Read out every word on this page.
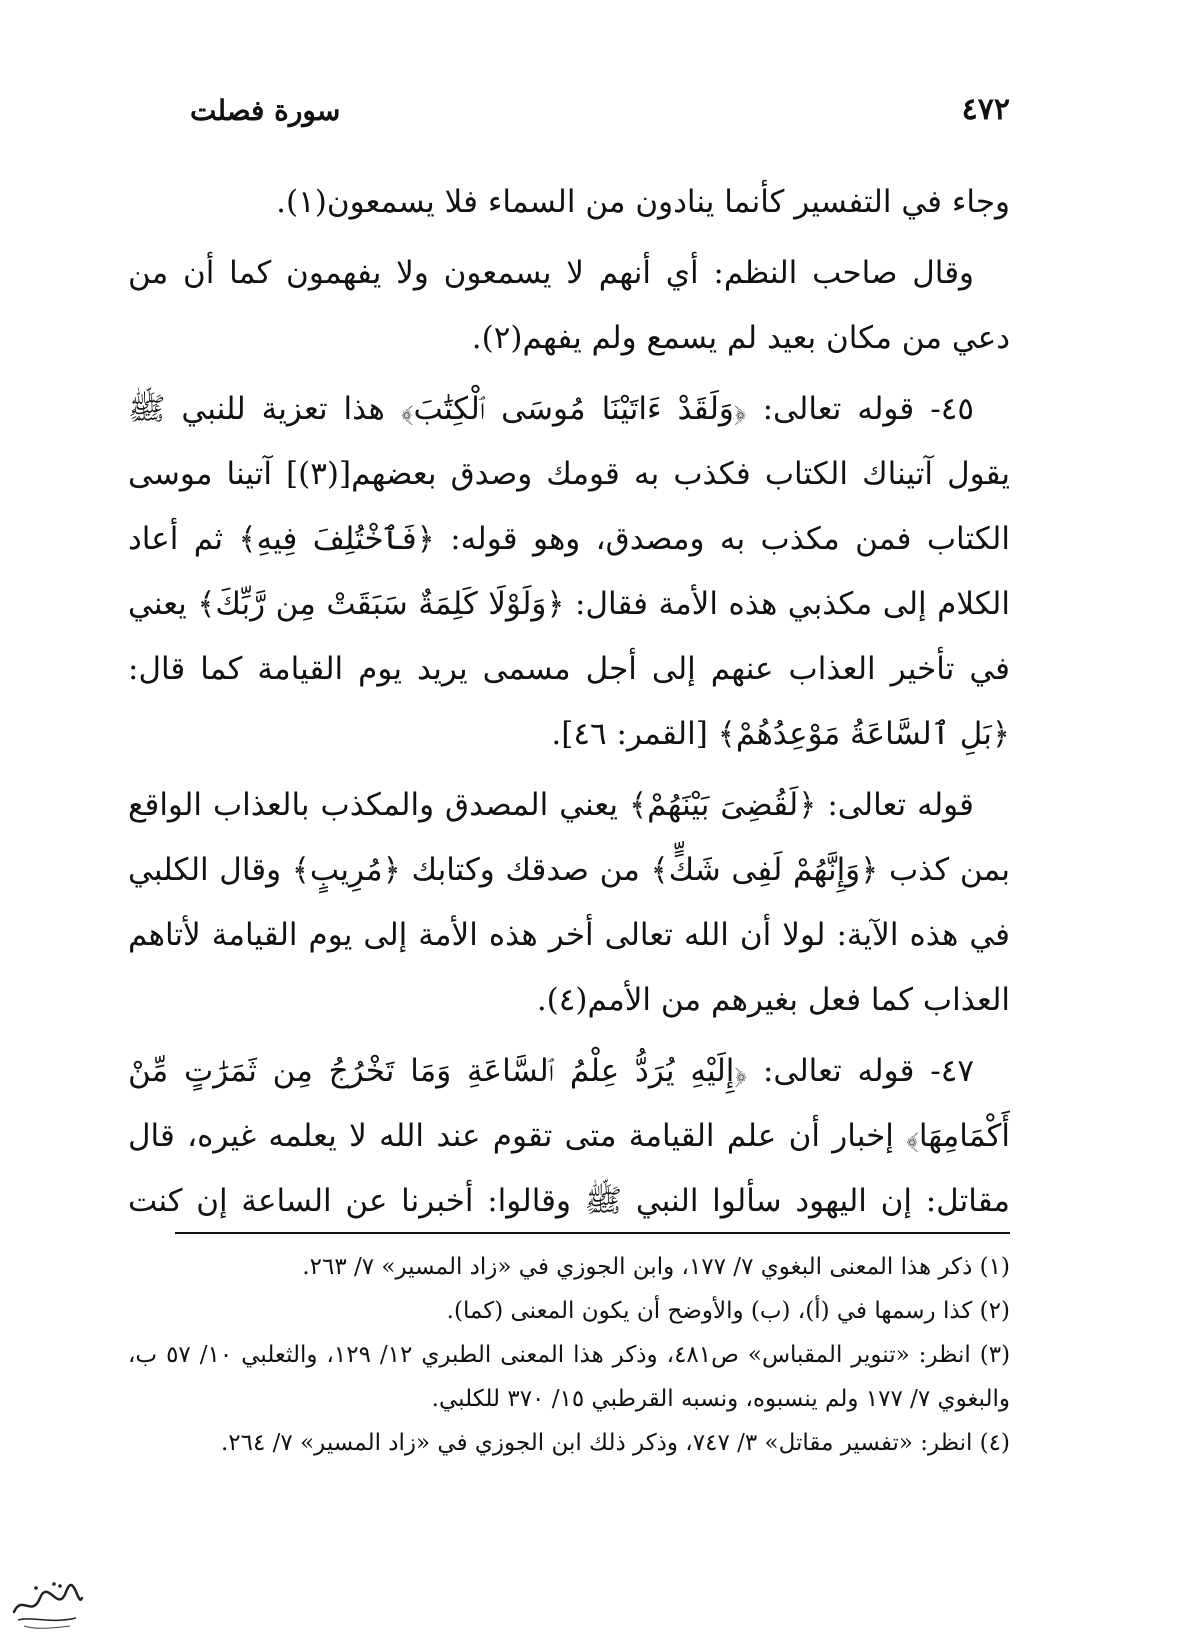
٤٧٢
سورة فصلت

وجاء في التفسير كأنما ينادون من السماء فلا يسمعون(١).

وقال صاحب النظم: أي أنهم لا يسمعون ولا يفهمون كما أن من دعي من مكان بعيد لم يسمع ولم يفهم(٢).

٤٥- قوله تعالى: ﴿وَلَقَدْ ءَاتَيْنَا مُوسَى ٱلْكِتَٰبَ﴾ هذا تعزية للنبي ﷺ يقول آتيناك الكتاب فكذب به قومك وصدق بعضهم[(٣)] آتينا موسى الكتاب فمن مكذب به ومصدق، وهو قوله: ﴿فَٱخْتُلِفَ فِيهِ﴾ ثم أعاد الكلام إلى مكذبي هذه الأمة فقال: ﴿وَلَوْلَا كَلِمَةٌ سَبَقَتْ مِن رَّبِّكَ﴾ يعني في تأخير العذاب عنهم إلى أجل مسمى يريد يوم القيامة كما قال: ﴿بَلِ ٱلسَّاعَةُ مَوْعِدُهُمْ﴾ [القمر: ٤٦].

قوله تعالى: ﴿لَقُضِىَ بَيْنَهُمْ﴾ يعني المصدق والمكذب بالعذاب الواقع بمن كذب ﴿وَإِنَّهُمْ لَفِى شَكٍّ﴾ من صدقك وكتابك ﴿مُرِيبٍ﴾ وقال الكلبي في هذه الآية: لولا أن الله تعالى أخر هذه الأمة إلى يوم القيامة لأتاهم العذاب كما فعل بغيرهم من الأمم(٤).

٤٧- قوله تعالى: ﴿إِلَيْهِ يُرَدُّ عِلْمُ ٱلسَّاعَةِ وَمَا تَخْرُجُ مِن ثَمَرَٰتٍ مِّنْ أَكْمَامِهَا﴾ إخبار أن علم القيامة متى تقوم عند الله لا يعلمه غيره، قال مقاتل: إن اليهود سألوا النبي ﷺ وقالوا: أخبرنا عن الساعة إن كنت

(١) ذكر هذا المعنى البغوي ٧/ ١٧٧، وابن الجوزي في «زاد المسير» ٧/ ٢٦٣.

(٢) كذا رسمها في (أ)، (ب) والأوضح أن يكون المعنى (كما).

(٣) انظر: «تنوير المقباس» ص٤٨١، وذكر هذا المعنى الطبري ١٢/ ١٢٩، والثعلبي ١٠/ ٥٧ ب، والبغوي ٧/ ١٧٧ ولم ينسبوه، ونسبه القرطبي ١٥/ ٣٧٠ للكلبي.

(٤) انظر: «تفسير مقاتل» ٣/ ٧٤٧، وذكر ذلك ابن الجوزي في «زاد المسير» ٧/ ٢٦٤.
